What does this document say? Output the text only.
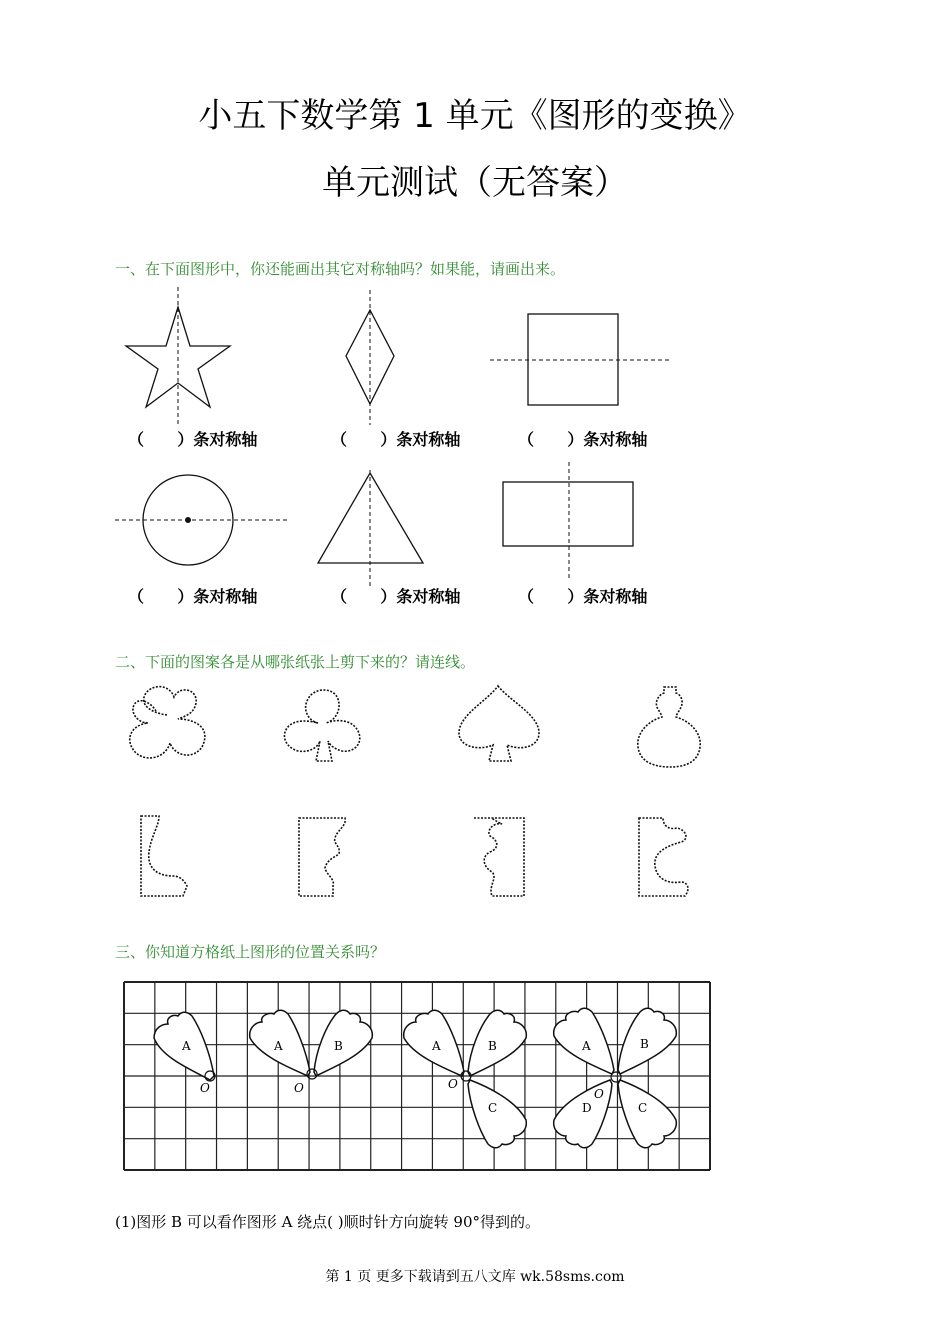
小五下数学第 1 单元《图形的变换》
单元测试（无答案）
一、在下面图形中，你还能画出其它对称轴吗？如果能，请画出来。
（      ）条对称轴	（      ）条对称轴	（      ）条对称轴
（      ）条对称轴	（      ）条对称轴	（      ）条对称轴
二、下面的图案各是从哪张纸张上剪下来的？请连线。
三、你知道方格纸上图形的位置关系吗？
A
O
A	B
O
A	B
C
O
A	B
C
D
O
(1)图形 B 可以看作图形 A 绕点( )顺时针方向旋转 90°得到的。
第 1 页 更多下载请到五八文库 wk.58sms.com
